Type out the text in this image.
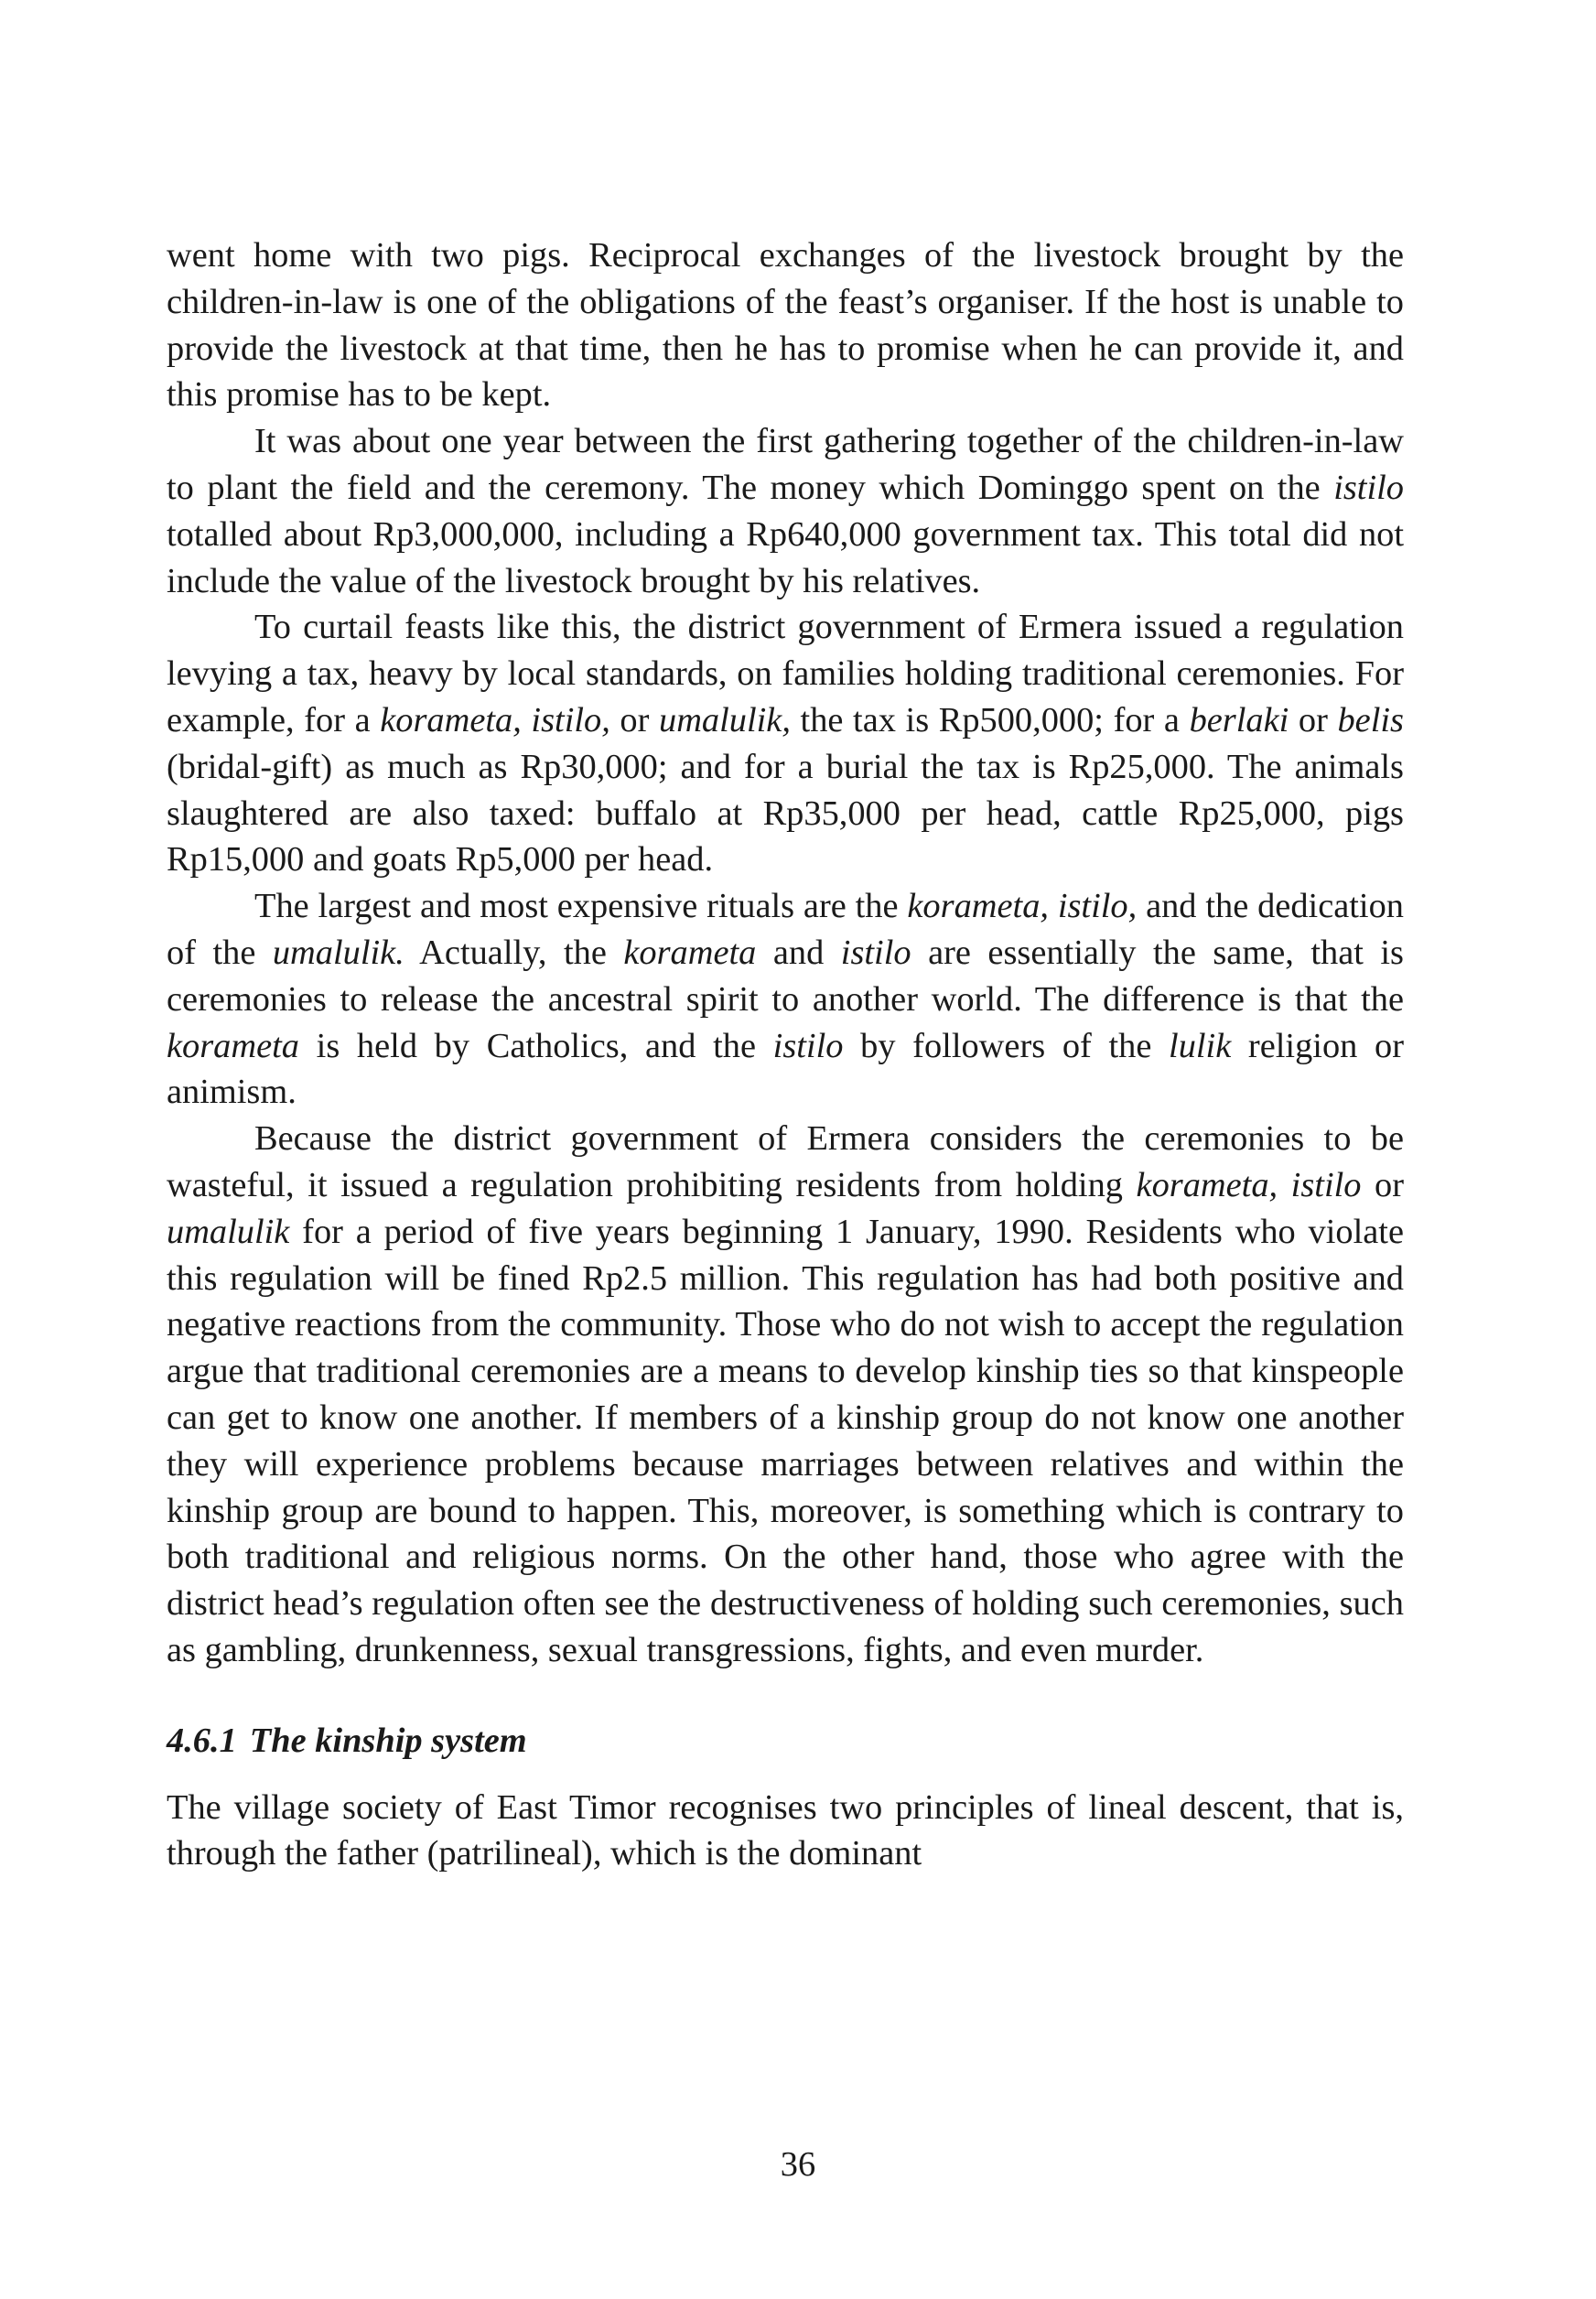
went home with two pigs. Reciprocal exchanges of the livestock brought by the children-in-law is one of the obligations of the feast’s organiser. If the host is unable to provide the livestock at that time, then he has to promise when he can provide it, and this promise has to be kept.

It was about one year between the first gathering together of the children-in-law to plant the field and the ceremony. The money which Dominggo spent on the istilo totalled about Rp3,000,000, including a Rp640,000 government tax. This total did not include the value of the livestock brought by his relatives.

To curtail feasts like this, the district government of Ermera issued a regulation levying a tax, heavy by local standards, on families holding traditional ceremonies. For example, for a korameta, istilo, or umalulik, the tax is Rp500,000; for a berlaki or belis (bridal-gift) as much as Rp30,000; and for a burial the tax is Rp25,000. The animals slaughtered are also taxed: buffalo at Rp35,000 per head, cattle Rp25,000, pigs Rp15,000 and goats Rp5,000 per head.

The largest and most expensive rituals are the korameta, istilo, and the dedication of the umalulik. Actually, the korameta and istilo are essentially the same, that is ceremonies to release the ancestral spirit to another world. The difference is that the korameta is held by Catholics, and the istilo by followers of the lulik religion or animism.

Because the district government of Ermera considers the ceremonies to be wasteful, it issued a regulation prohibiting residents from holding korameta, istilo or umalulik for a period of five years beginning 1 January, 1990. Residents who violate this regulation will be fined Rp2.5 million. This regulation has had both positive and negative reactions from the community. Those who do not wish to accept the regulation argue that traditional ceremonies are a means to develop kinship ties so that kinspeople can get to know one another. If members of a kinship group do not know one another they will experience problems because marriages between relatives and within the kinship group are bound to happen. This, moreover, is something which is contrary to both traditional and religious norms. On the other hand, those who agree with the district head’s regulation often see the destructiveness of holding such ceremonies, such as gambling, drunkenness, sexual transgressions, fights, and even murder.

4.6.1 The kinship system

The village society of East Timor recognises two principles of lineal descent, that is, through the father (patrilineal), which is the dominant

36
